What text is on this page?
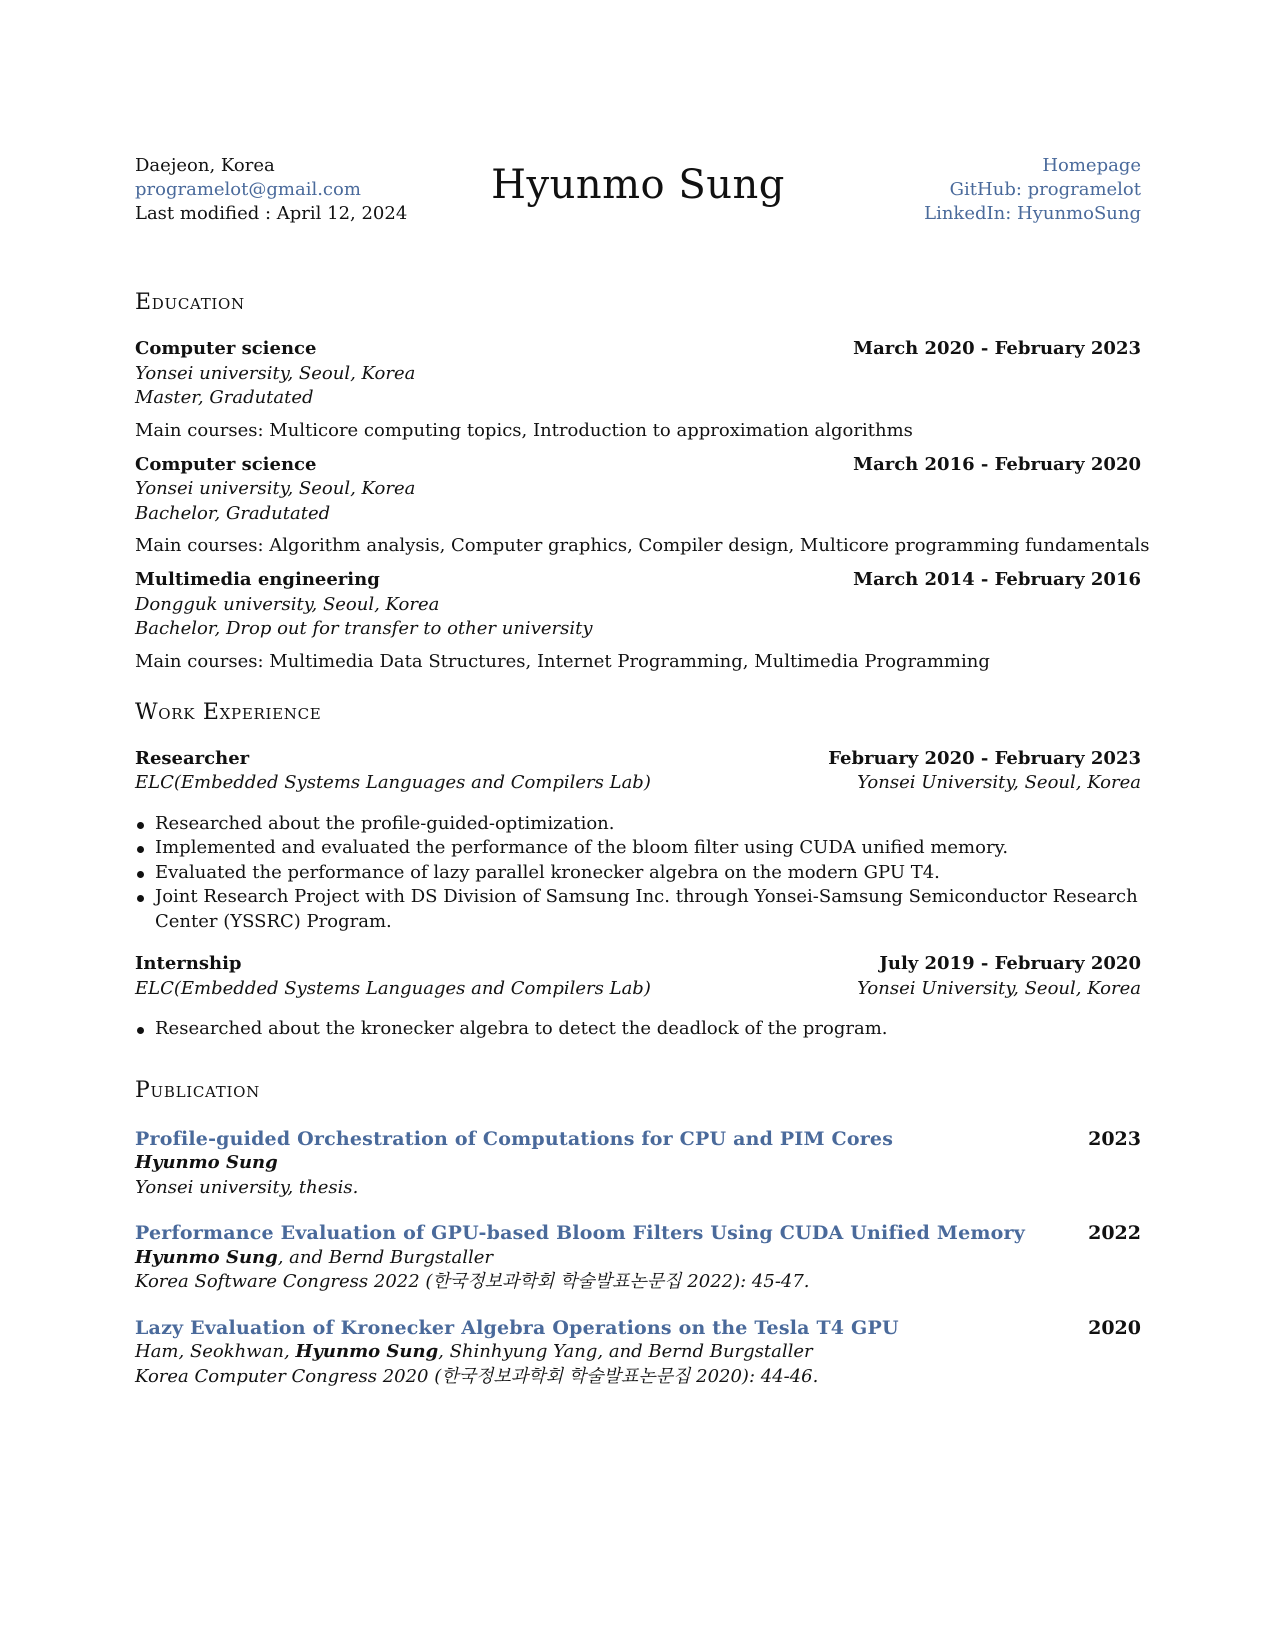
Daejeon, Korea
programelot@gmail.com
Last modified : April 12, 2024
Hyunmo Sung	Homepage
GitHub: programelot
LinkedIn: HyunmoSung
Education
Computer science	March 2020 - February 2023
Yonsei university, Seoul, Korea
Master, Gradutated
Main courses: Multicore computing topics, Introduction to approximation algorithms
Computer science	March 2016 - February 2020
Yonsei university, Seoul, Korea
Bachelor, Gradutated
Main courses: Algorithm analysis, Computer graphics, Compiler design, Multicore programming fundamentals
Multimedia engineering	March 2014 - February 2016
Dongguk university, Seoul, Korea
Bachelor, Drop out for transfer to other university
Main courses: Multimedia Data Structures, Internet Programming, Multimedia Programming
Work Experience
Researcher	February 2020 - February 2023
ELC(Embedded Systems Languages and Compilers Lab)	Yonsei University, Seoul, Korea
Researched about the profile-guided-optimization.
Implemented and evaluated the performance of the bloom filter using CUDA unified memory.
Evaluated the performance of lazy parallel kronecker algebra on the modern GPU T4.
Joint Research Project with DS Division of Samsung Inc. through Yonsei-Samsung Semiconductor Research Center (YSSRC) Program.
Internship	July 2019 - February 2020
ELC(Embedded Systems Languages and Compilers Lab)	Yonsei University, Seoul, Korea
Researched about the kronecker algebra to detect the deadlock of the program.
Publication
Profile-guided Orchestration of Computations for CPU and PIM Cores	2023
Hyunmo Sung
Yonsei university, thesis.
Performance Evaluation of GPU-based Bloom Filters Using CUDA Unified Memory	2022
Hyunmo Sung, and Bernd Burgstaller
Korea Software Congress 2022 (한국정보과학회 학술발표논문집 2022): 45-47.
Lazy Evaluation of Kronecker Algebra Operations on the Tesla T4 GPU	2020
Ham, Seokhwan, Hyunmo Sung, Shinhyung Yang, and Bernd Burgstaller
Korea Computer Congress 2020 (한국정보과학회 학술발표논문집 2020): 44-46.
